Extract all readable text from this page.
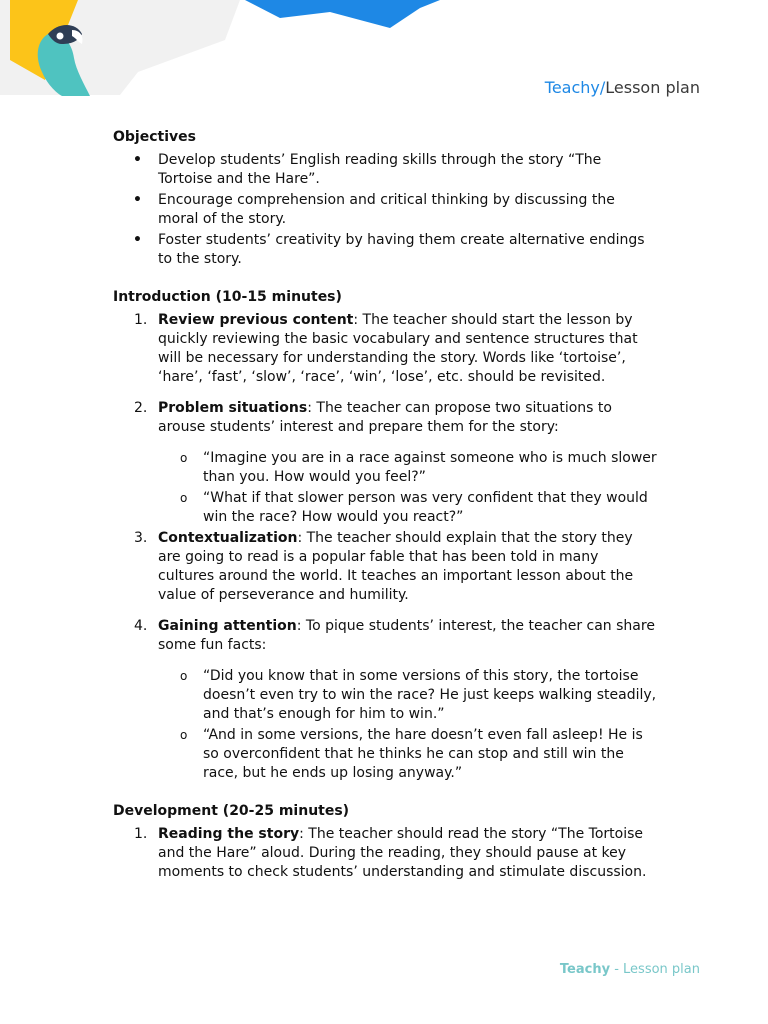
Teachy/Lesson plan
Objectives
• Develop students’ English reading skills through the story “The Tortoise and the Hare”.
• Encourage comprehension and critical thinking by discussing the moral of the story.
• Foster students’ creativity by having them create alternative endings to the story.
Introduction (10-15 minutes)
1. Review previous content: The teacher should start the lesson by quickly reviewing the basic vocabulary and sentence structures that will be necessary for understanding the story. Words like ‘tortoise’, ‘hare’, ‘fast’, ‘slow’, ‘race’, ‘win’, ‘lose’, etc. should be revisited.
2. Problem situations: The teacher can propose two situations to arouse students’ interest and prepare them for the story:
o “Imagine you are in a race against someone who is much slower than you. How would you feel?”
o “What if that slower person was very confident that they would win the race? How would you react?”
3. Contextualization: The teacher should explain that the story they are going to read is a popular fable that has been told in many cultures around the world. It teaches an important lesson about the value of perseverance and humility.
4. Gaining attention: To pique students’ interest, the teacher can share some fun facts:
o “Did you know that in some versions of this story, the tortoise doesn’t even try to win the race? He just keeps walking steadily, and that’s enough for him to win.”
o “And in some versions, the hare doesn’t even fall asleep! He is so overconfident that he thinks he can stop and still win the race, but he ends up losing anyway.”
Development (20-25 minutes)
1. Reading the story: The teacher should read the story “The Tortoise and the Hare” aloud. During the reading, they should pause at key moments to check students’ understanding and stimulate discussion.
Teachy - Lesson plan
